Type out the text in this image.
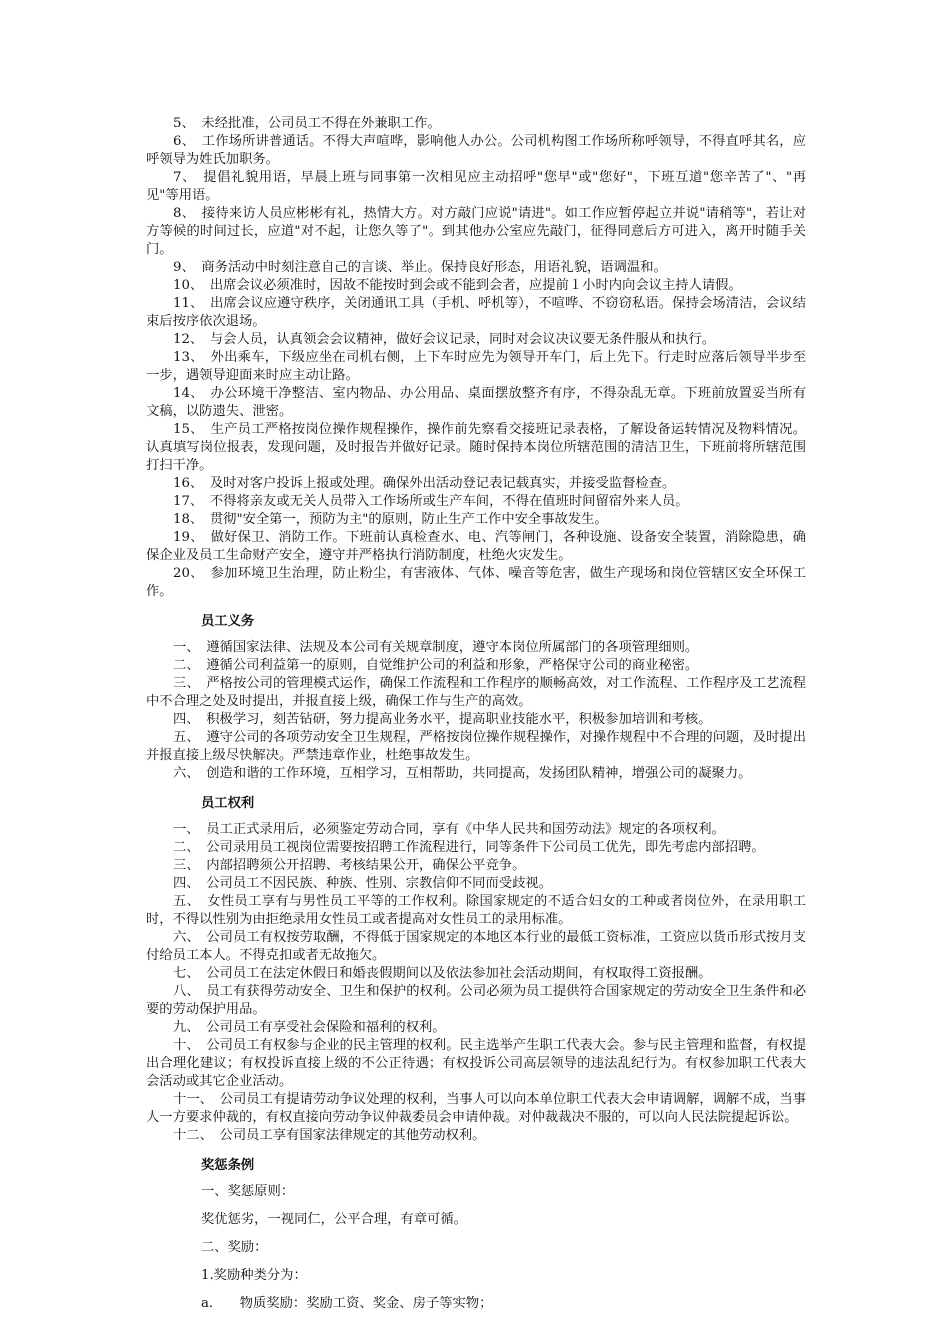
5、　未经批准，公司员工不得在外兼职工作。

6、　工作场所讲普通话。不得大声喧哗，影响他人办公。公司机构图工作场所称呼领导，不得直呼其名，应呼领导为姓氏加职务。

7、　提倡礼貌用语，早晨上班与同事第一次相见应主动招呼"您早"或"您好"，下班互道"您辛苦了"、"再见"等用语。

8、　接待来访人员应彬彬有礼，热情大方。对方敲门应说"请进"。如工作应暂停起立并说"请稍等"，若让对方等候的时间过长，应道"对不起，让您久等了"。到其他办公室应先敲门，征得同意后方可进入，离开时随手关门。

9、　商务活动中时刻注意自己的言谈、举止。保持良好形态，用语礼貌，语调温和。

10、　出席会议必须准时，因故不能按时到会或不能到会者，应提前１小时内向会议主持人请假。

11、　出席会议应遵守秩序，关闭通讯工具（手机、呼机等），不喧哗、不窃窃私语。保持会场清洁，会议结束后按序依次退场。

12、　与会人员，认真领会会议精神，做好会议记录，同时对会议决议要无条件服从和执行。

13、　外出乘车，下级应坐在司机右侧，上下车时应先为领导开车门，后上先下。行走时应落后领导半步至一步，遇领导迎面来时应主动让路。

14、　办公环境干净整洁、室内物品、办公用品、桌面摆放整齐有序，不得杂乱无章。下班前放置妥当所有文稿，以防遗失、泄密。

15、　生产员工严格按岗位操作规程操作，操作前先察看交接班记录表格，了解设备运转情况及物料情况。认真填写岗位报表，发现问题，及时报告并做好记录。随时保持本岗位所辖范围的清洁卫生，下班前将所辖范围打扫干净。

16、　及时对客户投诉上报或处理。确保外出活动登记表记载真实，并接受监督检查。

17、　不得将亲友或无关人员带入工作场所或生产车间，不得在值班时间留宿外来人员。

18、　贯彻"安全第一，预防为主"的原则，防止生产工作中安全事故发生。

19、　做好保卫、消防工作。下班前认真检查水、电、汽等闸门，各种设施、设备安全装置，消除隐患，确保企业及员工生命财产安全，遵守并严格执行消防制度，杜绝火灾发生。

20、　参加环境卫生治理，防止粉尘，有害液体、气体、噪音等危害，做生产现场和岗位管辖区安全环保工作。

员工义务

一、　遵循国家法律、法规及本公司有关规章制度，遵守本岗位所属部门的各项管理细则。

二、　遵循公司利益第一的原则，自觉维护公司的利益和形象，严格保守公司的商业秘密。

三、　严格按公司的管理模式运作，确保工作流程和工作程序的顺畅高效，对工作流程、工作程序及工艺流程中不合理之处及时提出，并报直接上级，确保工作与生产的高效。

四、　积极学习，刻苦钻研，努力提高业务水平，提高职业技能水平，积极参加培训和考核。

五、　遵守公司的各项劳动安全卫生规程，严格按岗位操作规程操作，对操作规程中不合理的问题，及时提出并报直接上级尽快解决。严禁违章作业，杜绝事故发生。

六、　创造和谐的工作环境，互相学习，互相帮助，共同提高，发扬团队精神，增强公司的凝聚力。

员工权利

一、　员工正式录用后，必须鉴定劳动合同，享有《中华人民共和国劳动法》规定的各项权利。

二、　公司录用员工视岗位需要按招聘工作流程进行，同等条件下公司员工优先，即先考虑内部招聘。

三、　内部招聘须公开招聘、考核结果公开，确保公平竞争。

四、　公司员工不因民族、种族、性别、宗教信仰不同而受歧视。

五、　女性员工享有与男性员工平等的工作权利。除国家规定的不适合妇女的工种或者岗位外，在录用职工时，不得以性别为由拒绝录用女性员工或者提高对女性员工的录用标准。

六、　公司员工有权按劳取酬，不得低于国家规定的本地区本行业的最低工资标准，工资应以货币形式按月支付给员工本人。不得克扣或者无故拖欠。

七、　公司员工在法定休假日和婚丧假期间以及依法参加社会活动期间，有权取得工资报酬。

八、　员工有获得劳动安全、卫生和保护的权利。公司必须为员工提供符合国家规定的劳动安全卫生条件和必要的劳动保护用品。

九、　公司员工有享受社会保险和福利的权利。

十、　公司员工有权参与企业的民主管理的权利。民主选举产生职工代表大会。参与民主管理和监督，有权提出合理化建议；有权投诉直接上级的不公正待遇；有权投诉公司高层领导的违法乱纪行为。有权参加职工代表大会活动或其它企业活动。

十一、　公司员工有提请劳动争议处理的权利，当事人可以向本单位职工代表大会申请调解，调解不成，当事人一方要求仲裁的，有权直接向劳动争议仲裁委员会申请仲裁。对仲裁裁决不服的，可以向人民法院提起诉讼。

十二、　公司员工享有国家法律规定的其他劳动权利。

奖惩条例

一、奖惩原则：

奖优惩劣，一视同仁，公平合理，有章可循。

二、奖励：

1.奖励种类分为：

a.　　物质奖励：奖励工资、奖金、房子等实物；
